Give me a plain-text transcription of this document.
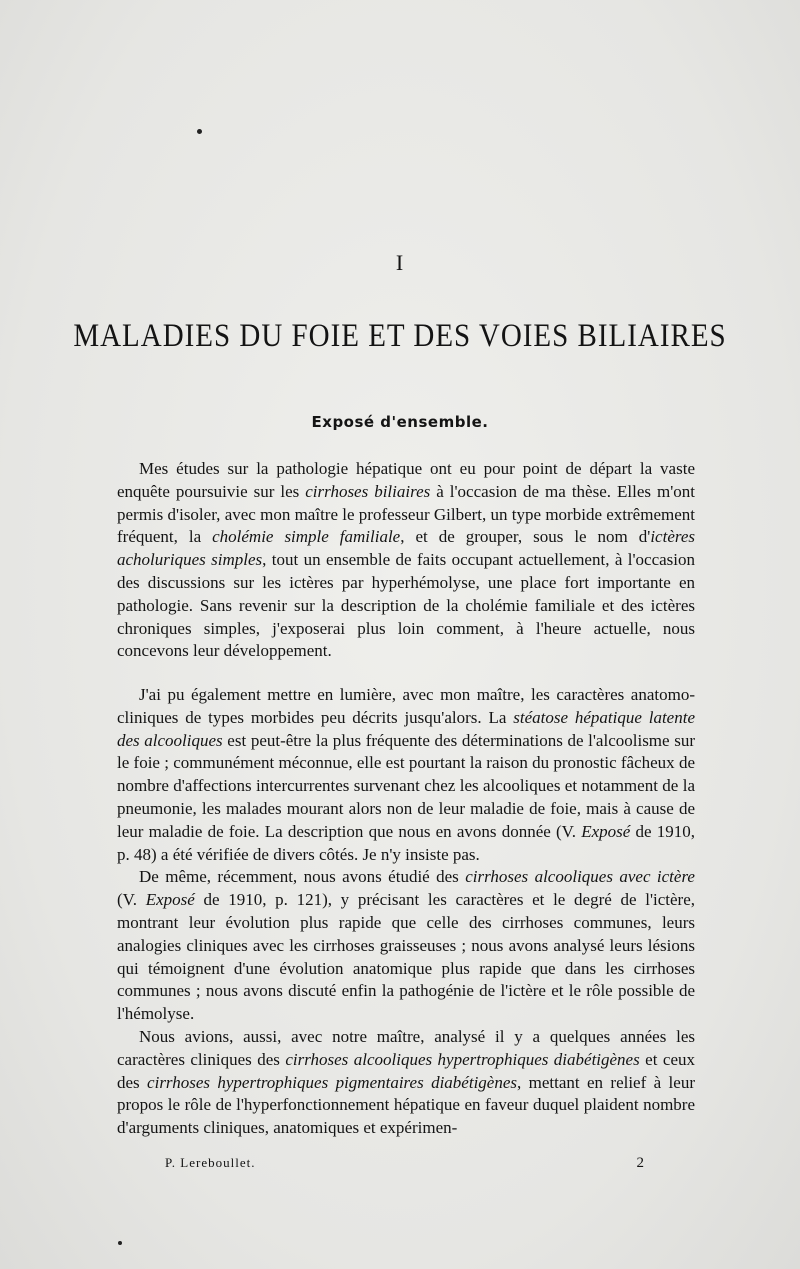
I
MALADIES DU FOIE ET DES VOIES BILIAIRES
Exposé d'ensemble.

Mes études sur la pathologie hépatique ont eu pour point de départ la vaste enquête poursuivie sur les cirrhoses biliaires à l'occasion de ma thèse. Elles m'ont permis d'isoler, avec mon maître le professeur Gilbert, un type morbide extrêmement fréquent, la cholémie simple familiale, et de grouper, sous le nom d'ictères acholuriques simples, tout un ensemble de faits occupant actuellement, à l'occasion des discussions sur les ictères par hyperhémolyse, une place fort importante en pathologie. Sans revenir sur la description de la cholémie familiale et des ictères chroniques simples, j'exposerai plus loin comment, à l'heure actuelle, nous concevons leur développement.

J'ai pu également mettre en lumière, avec mon maître, les caractères anatomo-cliniques de types morbides peu décrits jusqu'alors. La stéatose hépatique latente des alcooliques est peut-être la plus fréquente des déterminations de l'alcoolisme sur le foie ; communément méconnue, elle est pourtant la raison du pronostic fâcheux de nombre d'affections intercurrentes survenant chez les alcooliques et notamment de la pneumonie, les malades mourant alors non de leur maladie de foie, mais à cause de leur maladie de foie. La description que nous en avons donnée (V. Exposé de 1910, p. 48) a été vérifiée de divers côtés. Je n'y insiste pas.

De même, récemment, nous avons étudié des cirrhoses alcooliques avec ictère (V. Exposé de 1910, p. 121), y précisant les caractères et le degré de l'ictère, montrant leur évolution plus rapide que celle des cirrhoses communes, leurs analogies cliniques avec les cirrhoses graisseuses ; nous avons analysé leurs lésions qui témoignent d'une évolution anatomique plus rapide que dans les cirrhoses communes ; nous avons discuté enfin la pathogénie de l'ictère et le rôle possible de l'hémolyse.

Nous avions, aussi, avec notre maître, analysé il y a quelques années les caractères cliniques des cirrhoses alcooliques hypertrophiques diabétigènes et ceux des cirrhoses hypertrophiques pigmentaires diabétigènes, mettant en relief à leur propos le rôle de l'hyperfonctionnement hépatique en faveur duquel plaident nombre d'arguments cliniques, anatomiques et expérimen-

P. Lereboullet.	2
